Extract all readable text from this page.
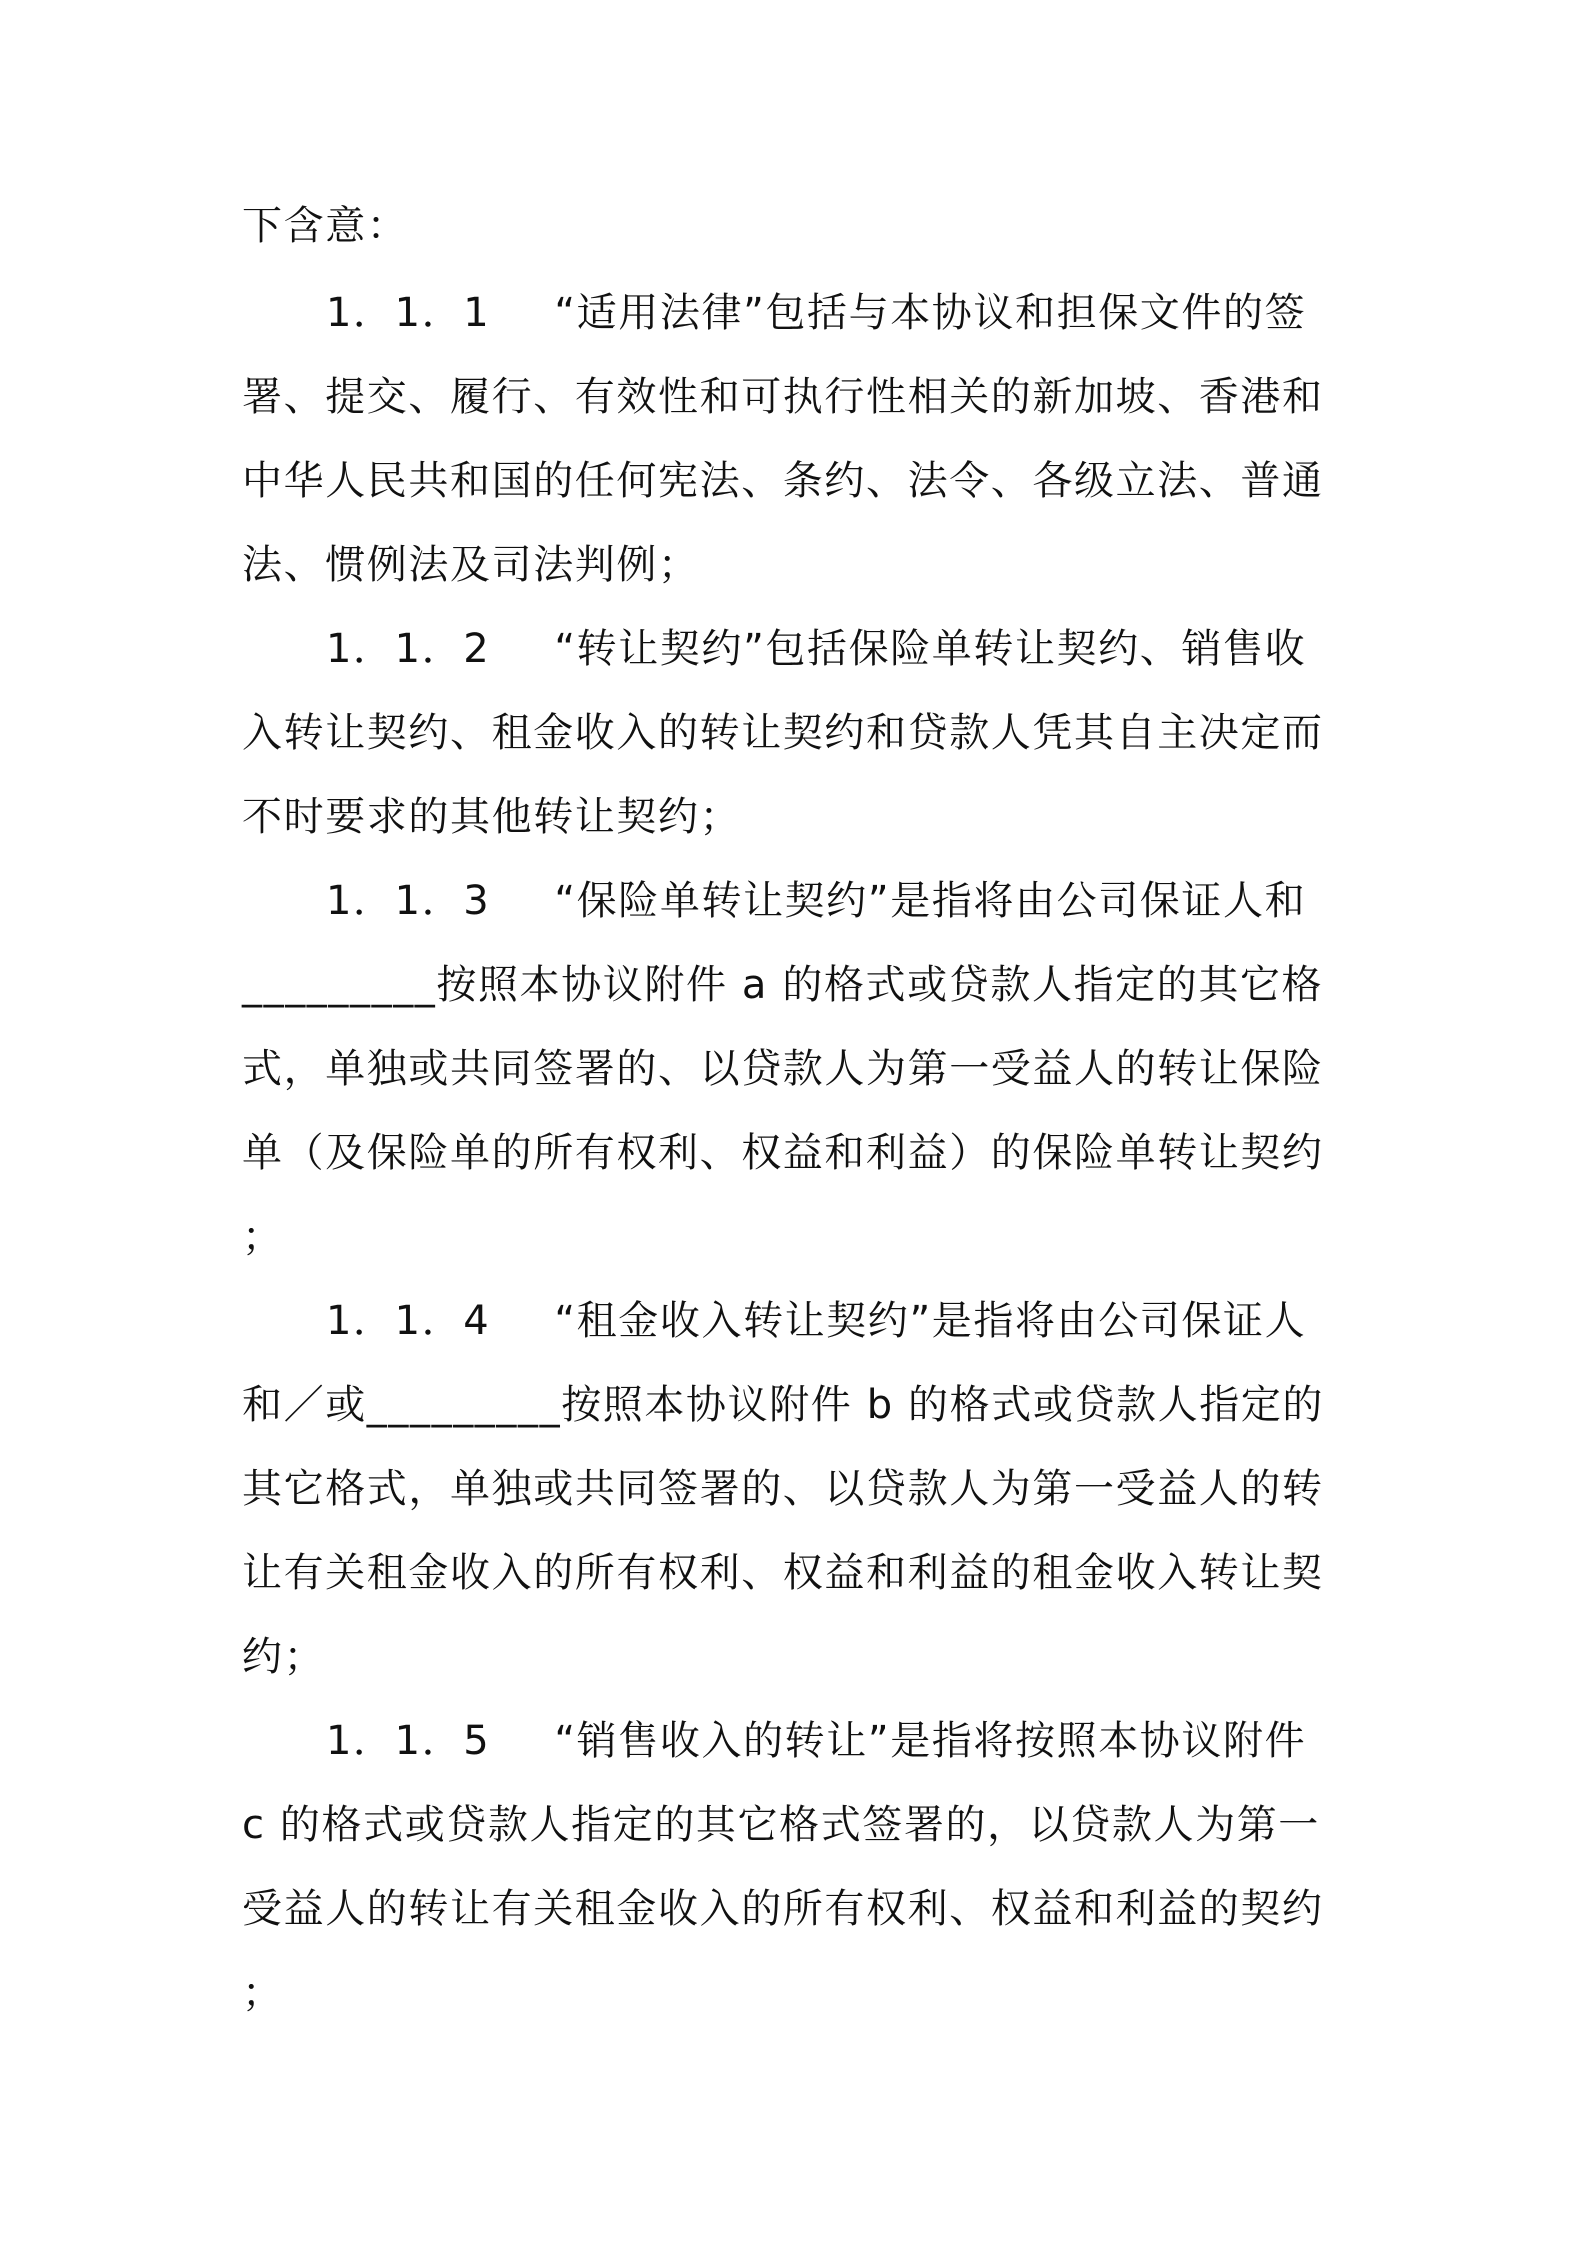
下含意：
1．1．1 “适用法律”包括与本协议和担保文件的签
署、提交、履行、有效性和可执行性相关的新加坡、香港和
中华人民共和国的任何宪法、条约、法令、各级立法、普通
法、惯例法及司法判例；
1．1．2 “转让契约”包括保险单转让契约、销售收
入转让契约、租金收入的转让契约和贷款人凭其自主决定而
不时要求的其他转让契约；
1．1．3 “保险单转让契约”是指将由公司保证人和
_________按照本协议附件 a 的格式或贷款人指定的其它格
式，单独或共同签署的、以贷款人为第一受益人的转让保险
单（及保险单的所有权利、权益和利益）的保险单转让契约
；
1．1．4 “租金收入转让契约”是指将由公司保证人
和／或_________按照本协议附件 b 的格式或贷款人指定的
其它格式，单独或共同签署的、以贷款人为第一受益人的转
让有关租金收入的所有权利、权益和利益的租金收入转让契
约；
1．1．5 “销售收入的转让”是指将按照本协议附件
c 的格式或贷款人指定的其它格式签署的，以贷款人为第一
受益人的转让有关租金收入的所有权利、权益和利益的契约
；
